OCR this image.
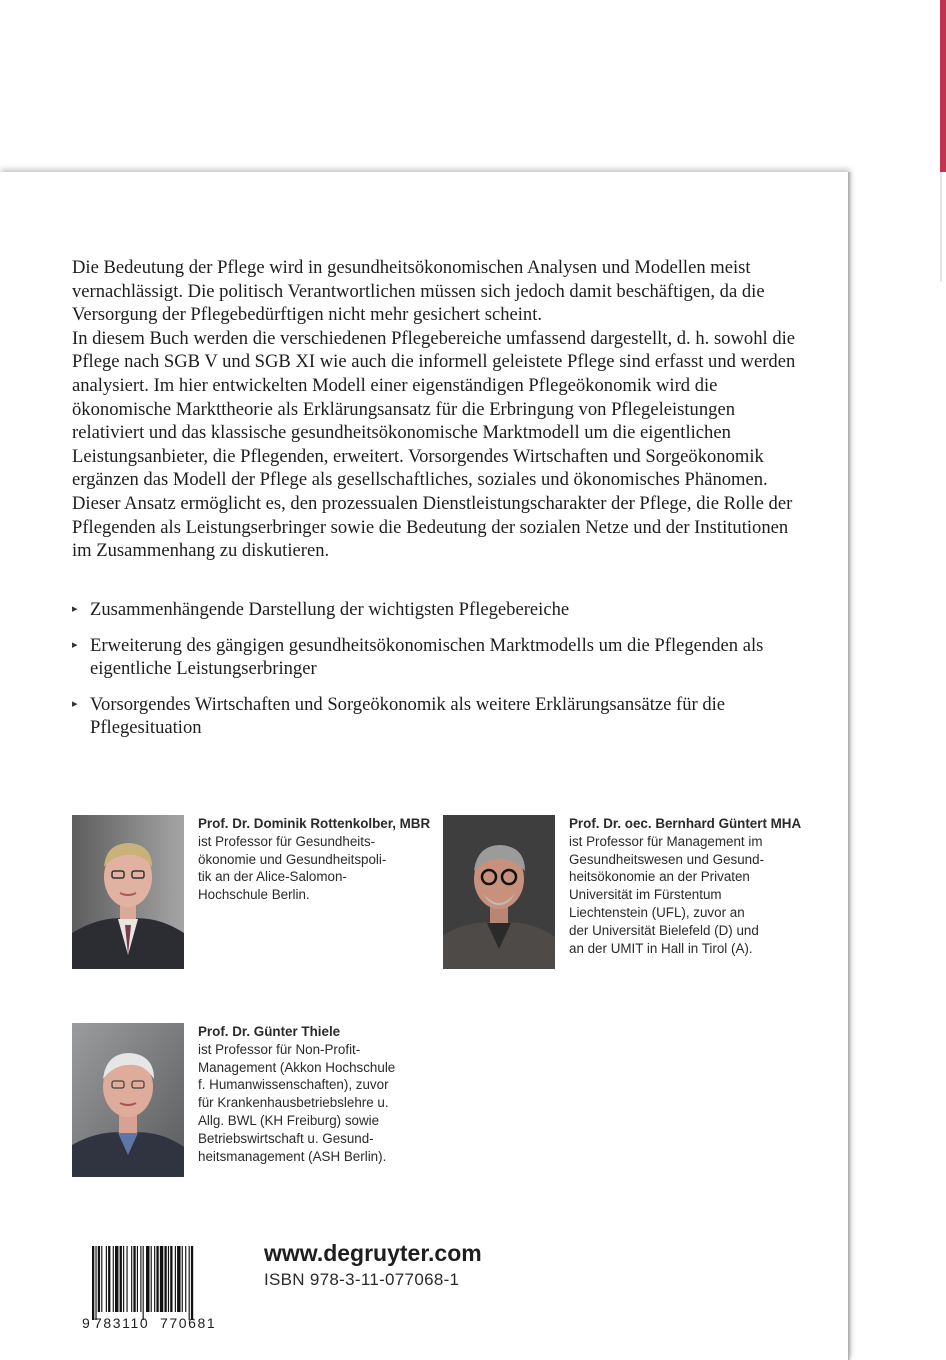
Die Bedeutung der Pflege wird in gesundheitsökonomischen Analysen und Modellen meist vernachlässigt. Die politisch Verantwortlichen müssen sich jedoch damit beschäftigen, da die Versorgung der Pflegebedürftigen nicht mehr gesichert scheint.

In diesem Buch werden die verschiedenen Pflegebereiche umfassend dargestellt, d. h. sowohl die Pflege nach SGB V und SGB XI wie auch die informell geleistete Pflege sind erfasst und werden analysiert. Im hier entwickelten Modell einer eigenständigen Pflegeökonomik wird die ökonomische Markttheorie als Erklärungsansatz für die Erbringung von Pflegeleistungen relativiert und das klassische gesundheitsökonomische Marktmodell um die eigentlichen Leistungsanbieter, die Pflegenden, erweitert. Vorsorgendes Wirtschaften und Sorgeökonomik ergänzen das Modell der Pflege als gesellschaftliches, soziales und ökonomisches Phänomen. Dieser Ansatz ermöglicht es, den prozessualen Dienstleistungscharakter der Pflege, die Rolle der Pflegenden als Leistungserbringer sowie die Bedeutung der sozialen Netze und der Institutionen im Zusammenhang zu diskutieren.

▸ Zusammenhängende Darstellung der wichtigsten Pflegebereiche
▸ Erweiterung des gängigen gesundheitsökonomischen Marktmodells um die Pflegenden als eigentliche Leistungserbringer
▸ Vorsorgendes Wirtschaften und Sorgeökonomik als weitere Erklärungsansätze für die Pflegesituation
Prof. Dr. Dominik Rottenkolber, MBR
ist Professor für Gesundheits-
ökonomie und Gesundheitspoli-
tik an der Alice-Salomon-
Hochschule Berlin.
Prof. Dr. oec. Bernhard Güntert MHA
ist Professor für Management im
Gesundheitswesen und Gesund-
heitsökonomie an der Privaten
Universität im Fürstentum
Liechtenstein (UFL), zuvor an
der Universität Bielefeld (D) und
an der UMIT in Hall in Tirol (A).
Prof. Dr. Günter Thiele
ist Professor für Non-Profit-
Management (Akkon Hochschule
f. Humanwissenschaften), zuvor
für Krankenhausbetriebslehre u.
Allg. BWL (KH Freiburg) sowie
Betriebswirtschaft u. Gesund-
heitsmanagement (ASH Berlin).
9 783110 770681
www.degruyter.com
ISBN 978-3-11-077068-1
